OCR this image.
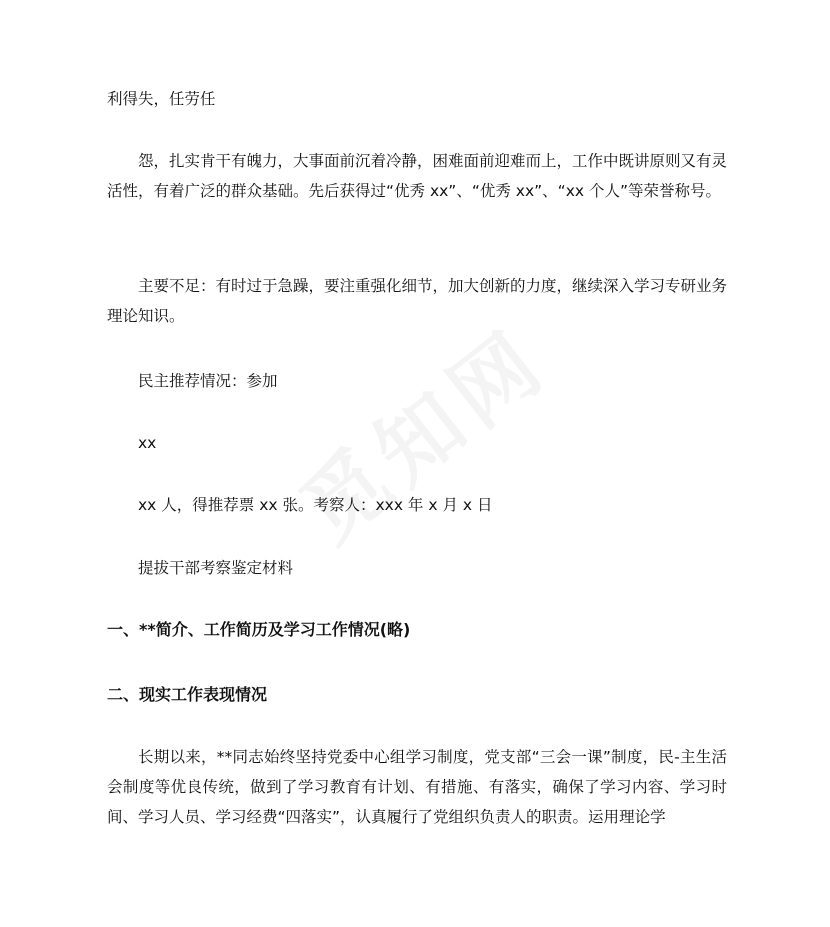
利得失，任劳任
怨，扎实肯干有魄力，大事面前沉着冷静，困难面前迎难而上，工作中既讲原则又有灵活性，有着广泛的群众基础。先后获得过“优秀 xx”、“优秀 xx”、“xx 个人”等荣誉称号。
主要不足：有时过于急躁，要注重强化细节，加大创新的力度，继续深入学习专研业务理论知识。
民主推荐情况：参加
xx
xx 人，得推荐票 xx 张。考察人：xxx 年 x 月 x 日
提拔干部考察鉴定材料
一、**简介、工作简历及学习工作情况(略)
二、现实工作表现情况
长期以来，**同志始终坚持党委中心组学习制度，党支部“三会一课”制度，民-主生活会制度等优良传统，做到了学习教育有计划、有措施、有落实，确保了学习内容、学习时间、学习人员、学习经费“四落实”，认真履行了党组织负责人的职责。运用理论学
